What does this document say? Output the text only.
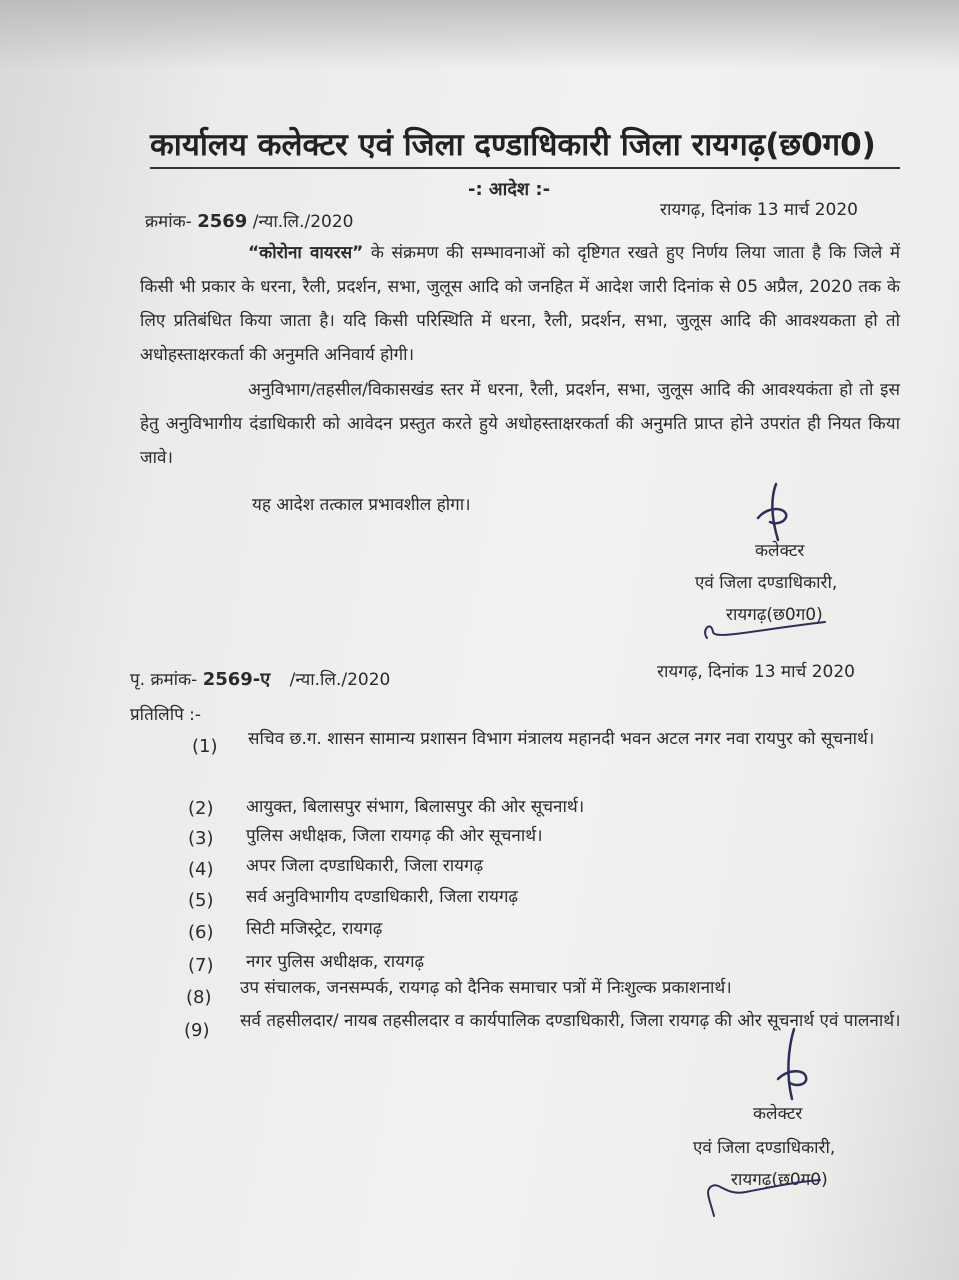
कार्यालय कलेक्टर एवं जिला दण्डाधिकारी जिला रायगढ़(छ0ग0)
-: आदेश :-
क्रमांक- 2569 /न्या.लि./2020
रायगढ़, दिनांक 13 मार्च 2020
“कोरोना वायरस” के संक्रमण की सम्भावनाओं को दृष्टिगत रखते हुए निर्णय लिया जाता है कि जिले में किसी भी प्रकार के धरना, रैली, प्रदर्शन, सभा, जुलूस आदि को जनहित में आदेश जारी दिनांक से 05 अप्रैल, 2020 तक के लिए प्रतिबंधित किया जाता है। यदि किसी परिस्थिति में धरना, रैली, प्रदर्शन, सभा, जुलूस आदि की आवश्यकता हो तो अधोहस्ताक्षरकर्ता की अनुमति अनिवार्य होगी।
अनुविभाग/तहसील/विकासखंड स्तर में धरना, रैली, प्रदर्शन, सभा, जुलूस आदि की आवश्यकंता हो तो इस हेतु अनुविभागीय दंडाधिकारी को आवेदन प्रस्तुत करते हुये अधोहस्ताक्षरकर्ता की अनुमति प्राप्त होने उपरांत ही नियत किया जावे।
यह आदेश तत्काल प्रभावशील होगा।
कलेक्टर
एवं जिला दण्डाधिकारी,
रायगढ़(छ0ग0)
पृ. क्रमांक- 2569-ए /न्या.लि./2020	रायगढ़, दिनांक 13 मार्च 2020
प्रतिलिपि :-
(1) सचिव छ.ग. शासन सामान्य प्रशासन विभाग मंत्रालय महानदी भवन अटल नगर नवा रायपुर को सूचनार्थ।
(2) आयुक्त, बिलासपुर संभाग, बिलासपुर की ओर सूचनार्थ।
(3) पुलिस अधीक्षक, जिला रायगढ़ की ओर सूचनार्थ।
(4) अपर जिला दण्डाधिकारी, जिला रायगढ़
(5) सर्व अनुविभागीय दण्डाधिकारी, जिला रायगढ़
(6) सिटी मजिस्ट्रेट, रायगढ़
(7) नगर पुलिस अधीक्षक, रायगढ़
(8) उप संचालक, जनसम्पर्क, रायगढ़ को दैनिक समाचार पत्रों में निःशुल्क प्रकाशनार्थ।
(9) सर्व तहसीलदार/ नायब तहसीलदार व कार्यपालिक दण्डाधिकारी, जिला रायगढ़ की ओर सूचनार्थ एवं पालनार्थ।
कलेक्टर
एवं जिला दण्डाधिकारी,
रायगढ़(छ0ग0)
